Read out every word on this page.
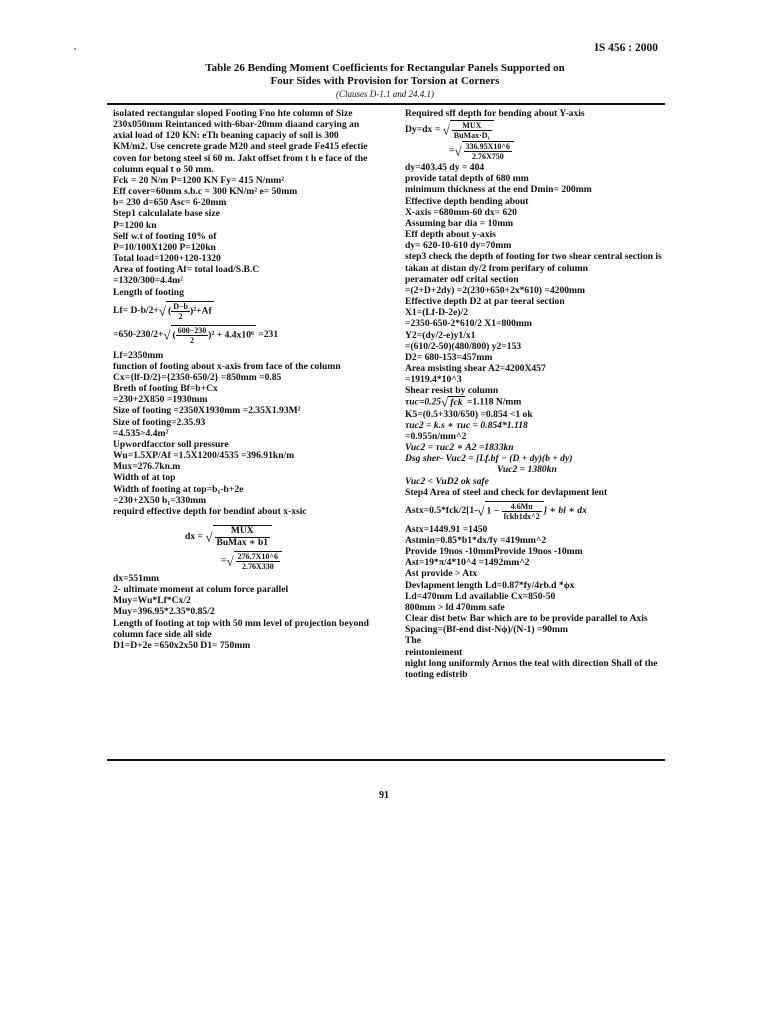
IS 456 : 2000
Table 26 Bending Moment Coefficients for Rectangular Panels Supported on
Four Sides with Provision for Torsion at Corners
(Clauses D-1.1 and 24.4.1)
isolated rectangular sloped Footing Fno hte column of Size 230x050mm Reintanced with-6bar-20mm diaand carying an axial load of 120 KN: eTh beaning capaciy of soil is 300 KM/m2. Use cencrete grade M20 and steel grade Fe415 efectie coven for betong steel si 60 m. Jakt offset from t h e face of the column equal t o 50 mm.
Fck = 20 N/m P=1200 KN Fy= 415 N/mm²
Eff cover=60mm s.b.c = 300 KN/m² e= 50mm
b= 230 d=650 Asc= 6-20mm
Step1 calculalate base size
P=1200 kn
Self w.t of footing 10% of
P=10/100X1200 P=120kn
Total load=1200+120-1320
Area of footing Af= total load/S.B.C
=1320/300=4.4m²
Length of footing
Lf= D-b/2+√ ( $\frac{D-b}{2} )^2+Af$
=650-230/2+√ ( $\frac{600-230}{2} )^2 + 4.4x10^6 =231$
Lf=2350mm
function of footing about x-axis from face of the column
Cx={lf-D/2}={2350-650/2} =850mm =0.85
Breth of footing Bf=b+Cx
=230+2X850 =1930mm
Size of footing =2350X1930mm =2.35X1.93M²
Size of footing=2.35.93
=4.535>4.4m²
Upwordfacctor soll pressure
Wu=1.5XP/Af =1.5X1200/4535 =396.91kn/m
Mux=276.7kn.m
Width of at top
Width of footing at top=b₁-b+2e
=230+2X50 b₁=330mm
requird effective depth for bendinf about x-xsic
dx = √ $\frac{\text{MUX}}{\text{BuMax ∗ b1}}$
=√ $\frac{276.7X10\^{}6}{2.76X330}$
dx=551mm
2- ultimate moment at colum force parallel
Muy=Wu*Lf*Cx/2
Muy=396.95*2.35*0.85/2
Length of footing at top with 50 mm level of projection beyond column face side all side
D1=D+2e =650x2x50 D1= 750mm
Required sff depth for bending about Y-axis
Dy=dx = √ $\frac{\text{MUX}}{\text{BuMax·D₁}}$
=√ $\frac{336.95X10\^{}6}{2.76X750}$
dy=403.45 dy = 404
provide tatal depth of 680 mm
minimum thickness at the end Dmin= 200mm
Effective depth bending about
X-axis =680mm-60 dx= 620
Assuming bar dia = 10mm
Eff depth about y-axis
dy= 620-10-610 dy=70mm
step3 check the depth of footing for two shear central section is takan at distan dy/2 from perifary of column
peramater odf crital section
=(2+D+2dy) =2(230+650+2x*610) =4200mm
Effective depth D2 at par teeral section
X1=(Lf-D-2e)/2
=2350-650-2*610/2 X1=800mm
Y2=(dy/2-e)y1/x1
=(610/2-50)(480/800) y2=153
D2= 680-153=457mm
Area msisting shear A2=4200X457
=1919.4*10^3
Shear resist by column
τuc=0.25√ fck =1.118 N/mm
K5=(0.5+330/650) =0.854 <1 ok
τuc2 = k.s ∗ τuc = 0.854*1.118
=0.955n/mm^2
Vuc2 = τuc2 ∗ A2 =1833kn
Dsg sher- Vuc2 = [Lf.bf − (D + dy)(b + dy)
Vuc2 = 1380kn
Vuc2 < VuD2 ok safe
Step4 Area of steel and check for devlapment lent
Astx=0.5*fck/2[1-√ $1 - \frac{4.6Mu}{\text{fckb1dx\textasciicircum{}2}}$ ] ∗ bi ∗ dx
Astx=1449.91 =1450
Astmin=0.85*b1*dx/fy =419mm^2
Provide 19nos -10mmProvide 19nos -10mm
Ast=19*π/4*10^4 =1492mm^2
Ast provide > Atx
Devlapment length Ld=0.87*fy/4rb.d *ϕx
Ld=470mm Ld availablie Cx=850-50
800mm > ld 470mm safe
Clear dist betw Bar which are to be provide parallel to Axis
Spacing=(Bf-end dist-Nϕ)/(N-1) =90mm
The
reintoniement
night long uniformly Arnos the teal with direction Shall of the tooting edistrib
91
